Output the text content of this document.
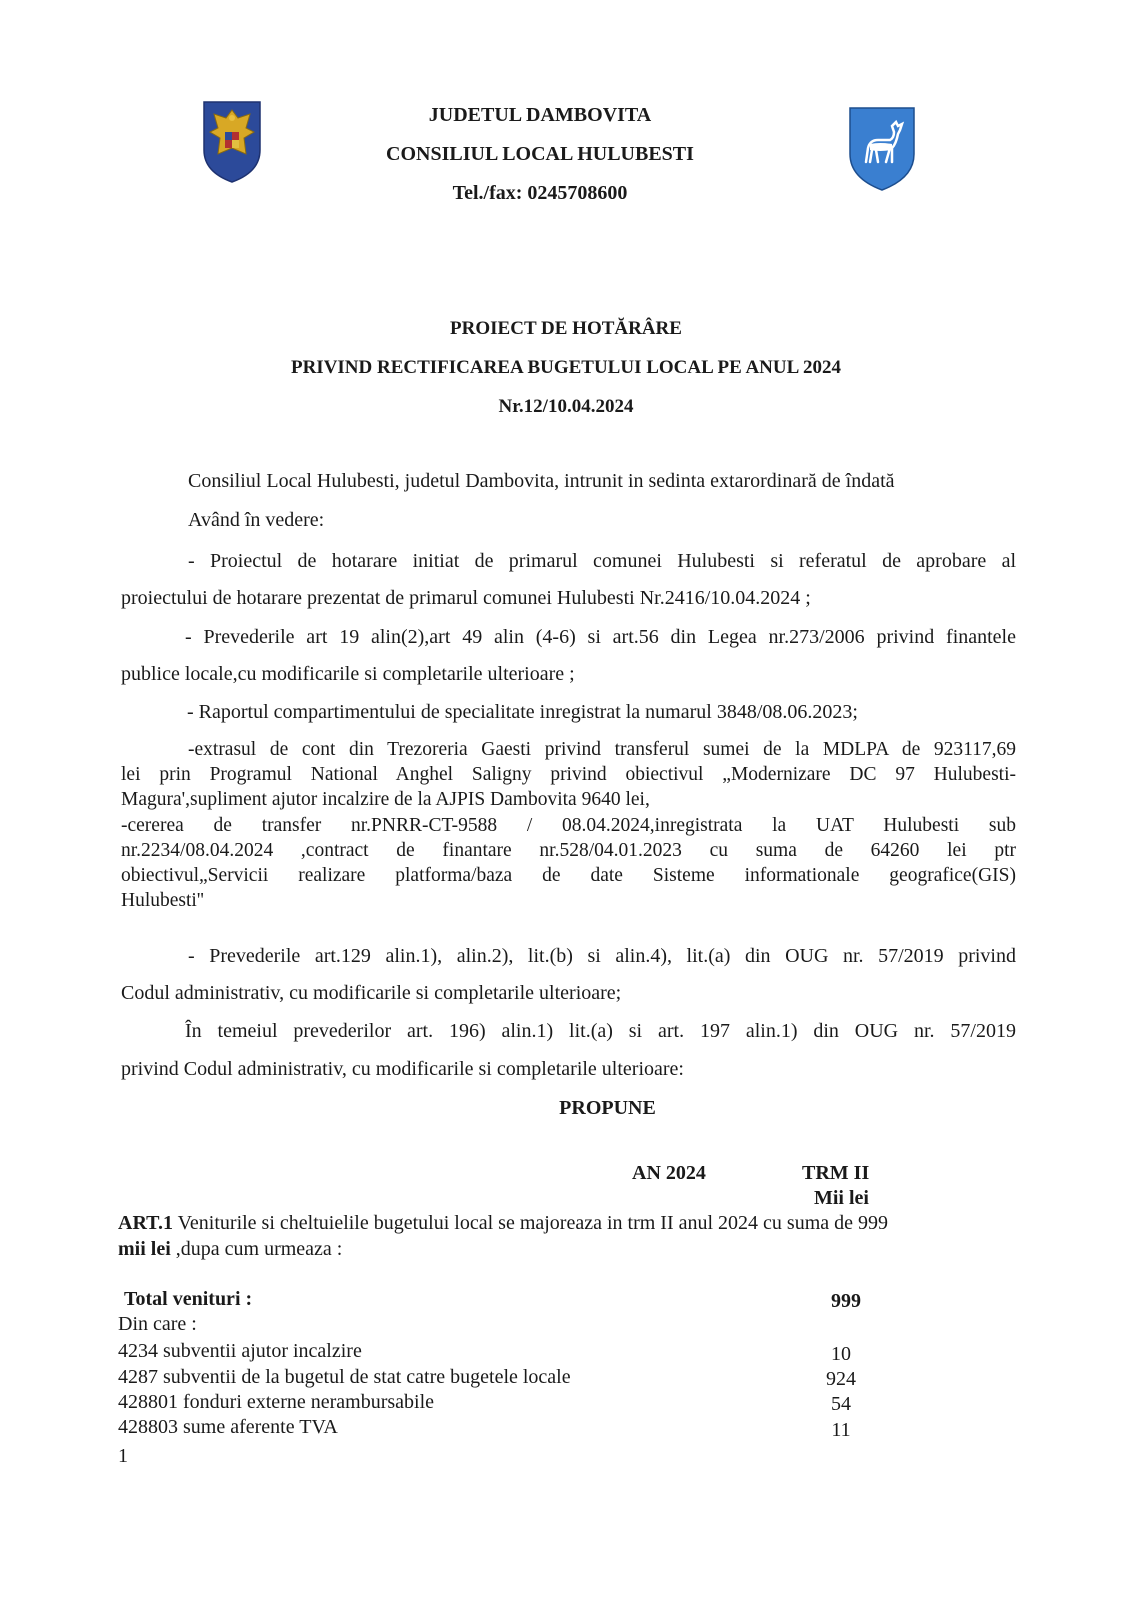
JUDETUL DAMBOVITA
CONSILIUL LOCAL HULUBESTI
Tel./fax: 0245708600
PROIECT DE HOTĂRÂRE
PRIVIND RECTIFICAREA BUGETULUI LOCAL PE ANUL 2024
Nr.12/10.04.2024
Consiliul Local Hulubesti, judetul Dambovita, intrunit in sedinta extarordinară de îndată
Având în vedere:
- Proiectul de hotarare initiat de primarul comunei Hulubesti si referatul de aprobare al
proiectului de hotarare prezentat de primarul comunei Hulubesti Nr.2416/10.04.2024 ;
- Prevederile art 19 alin(2),art 49 alin (4-6) si art.56 din Legea nr.273/2006 privind finantele
publice locale,cu modificarile si completarile ulterioare ;
- Raportul compartimentului de specialitate inregistrat la numarul 3848/08.06.2023;
-extrasul de cont din Trezoreria Gaesti privind transferul sumei de la MDLPA de 923117,69
lei prin Programul National Anghel Saligny privind obiectivul „Modernizare DC 97 Hulubesti-
Magura',supliment ajutor incalzire de la AJPIS Dambovita 9640 lei,
-cererea de transfer nr.PNRR-CT-9588 / 08.04.2024,inregistrata la UAT Hulubesti sub
nr.2234/08.04.2024 ,contract de finantare nr.528/04.01.2023 cu suma de 64260 lei ptr
obiectivul„Servicii realizare platforma/baza de date Sisteme informationale geografice(GIS)
Hulubesti''
- Prevederile art.129 alin.1), alin.2), lit.(b) si alin.4), lit.(a) din OUG nr. 57/2019 privind
Codul administrativ, cu modificarile si completarile ulterioare;
În temeiul prevederilor art. 196) alin.1) lit.(a) si art. 197 alin.1) din OUG nr. 57/2019
privind Codul administrativ, cu modificarile si completarile ulterioare:
PROPUNE
AN 2024	TRM II
Mii lei
ART.1 Veniturile si cheltuielile bugetului local se majoreaza in trm II anul 2024 cu suma de 999
mii lei ,dupa cum urmeaza :
Total venituri :	999
Din care :
4234 subventii ajutor incalzire	10
4287 subventii de la bugetul de stat catre bugetele locale	924
428801 fonduri externe nerambursabile	54
428803 sume aferente TVA	11
1
